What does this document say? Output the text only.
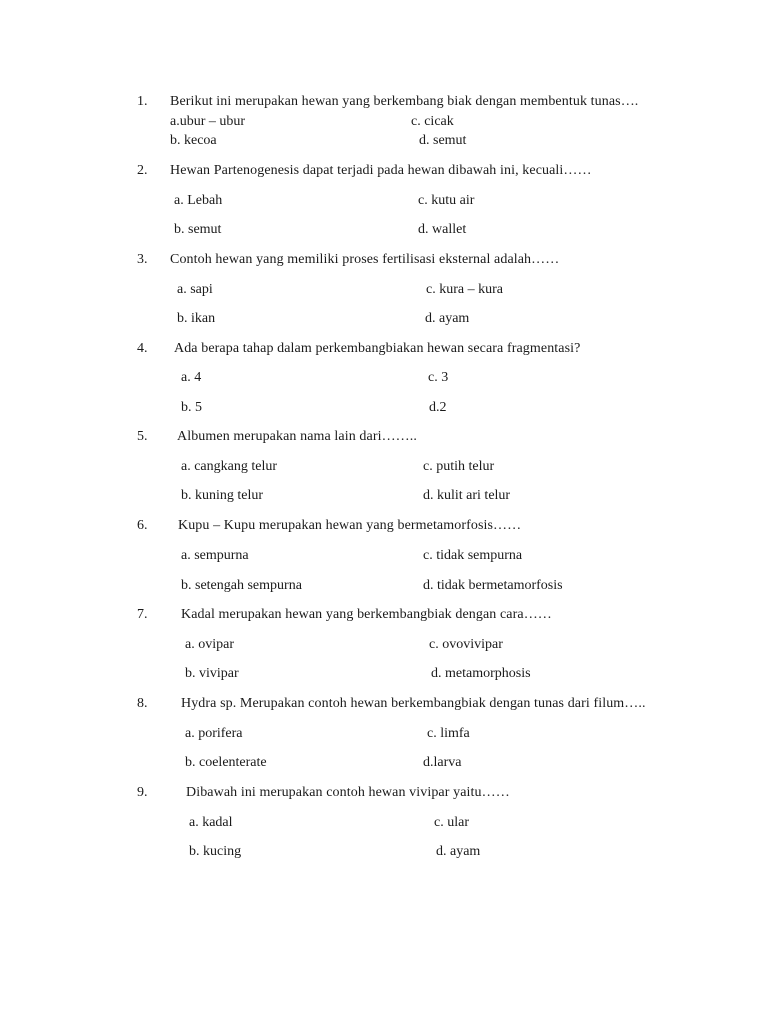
1. Berikut ini merupakan hewan yang berkembang biak dengan membentuk tunas….
a.ubur – ubur	c. cicak
b. kecoa	d. semut
2. Hewan Partenogenesis dapat terjadi pada hewan dibawah ini, kecuali……
a. Lebah	c. kutu air
b. semut	d. wallet
3. Contoh hewan yang memiliki proses fertilisasi eksternal adalah……
a. sapi	c. kura – kura
b. ikan	d. ayam
4. Ada berapa tahap dalam perkembangbiakan hewan secara fragmentasi?
a. 4	c. 3
b. 5	d.2
5. Albumen merupakan nama lain dari……..
a. cangkang telur	c. putih telur
b. kuning telur	d. kulit ari telur
6. Kupu – Kupu merupakan hewan yang bermetamorfosis……
a. sempurna	c. tidak sempurna
b. setengah sempurna	d. tidak bermetamorfosis
7. Kadal merupakan hewan yang berkembangbiak dengan cara……
a. ovipar	c. ovovivipar
b. vivipar	d. metamorphosis
8. Hydra sp. Merupakan contoh hewan berkembangbiak dengan tunas dari filum…..
a. porifera	c. limfa
b. coelenterate	d.larva
9.	Dibawah ini merupakan contoh hewan vivipar yaitu……
a. kadal	c. ular
b. kucing	d. ayam
